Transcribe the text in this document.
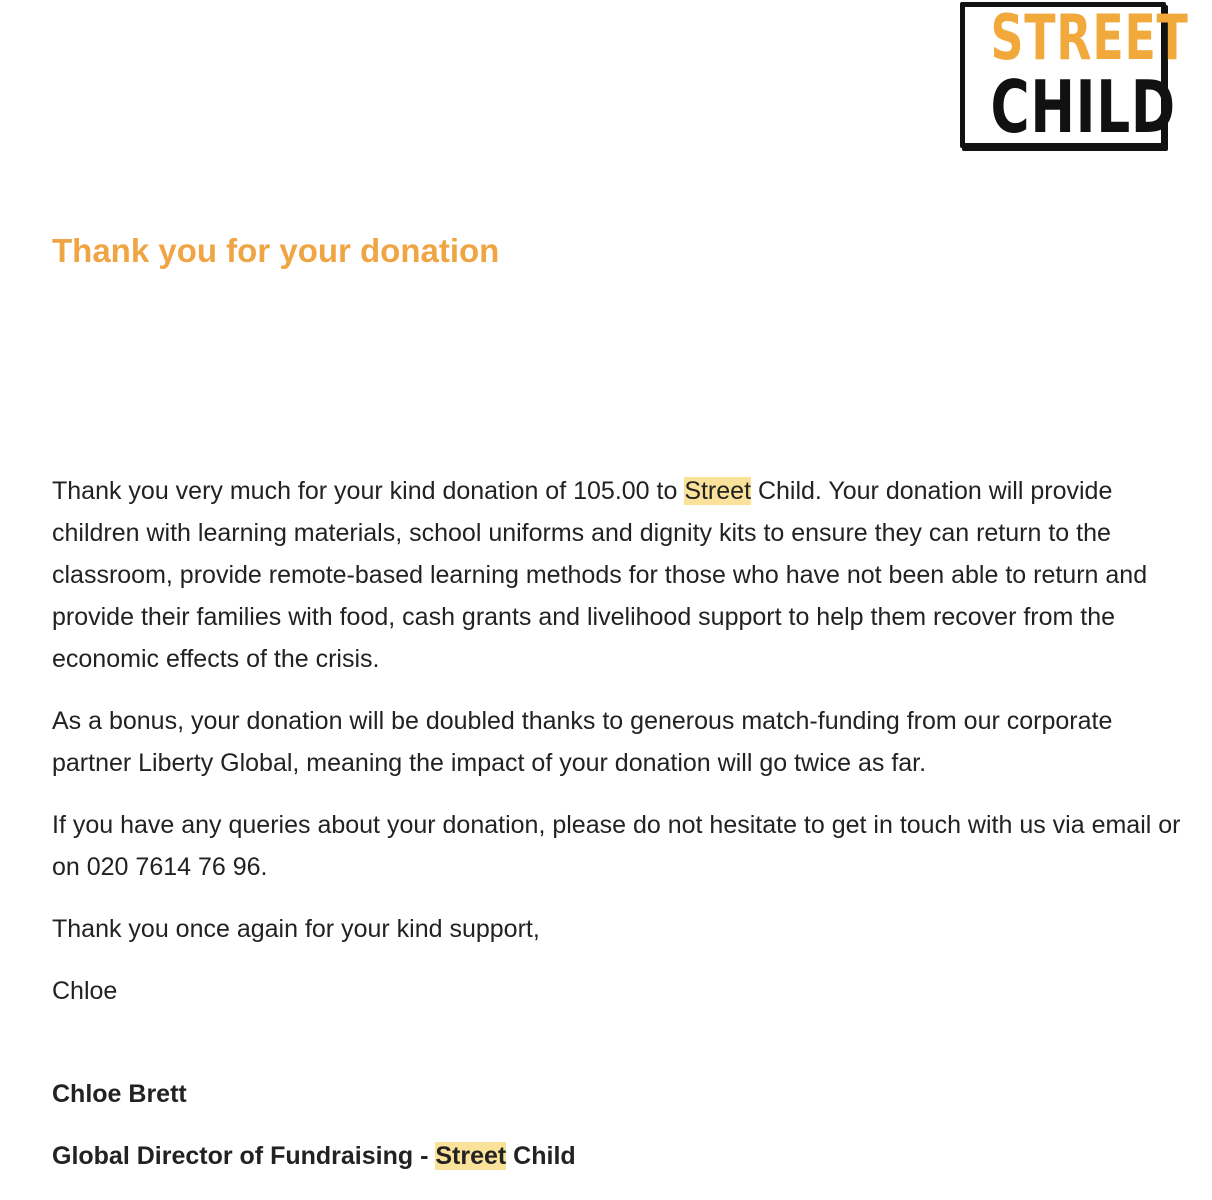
STREET
CHILD
Thank you for your donation

Thank you very much for your kind donation of 105.00 to Street Child. Your donation will provide children with learning materials, school uniforms and dignity kits to ensure they can return to the classroom, provide remote-based learning methods for those who have not been able to return and provide their families with food, cash grants and livelihood support to help them recover from the economic effects of the crisis.

As a bonus, your donation will be doubled thanks to generous match-funding from our corporate partner Liberty Global, meaning the impact of your donation will go twice as far.

If you have any queries about your donation, please do not hesitate to get in touch with us via email or on 020 7614 76 96.

Thank you once again for your kind support,

Chloe

Chloe Brett
Global Director of Fundraising - Street Child
